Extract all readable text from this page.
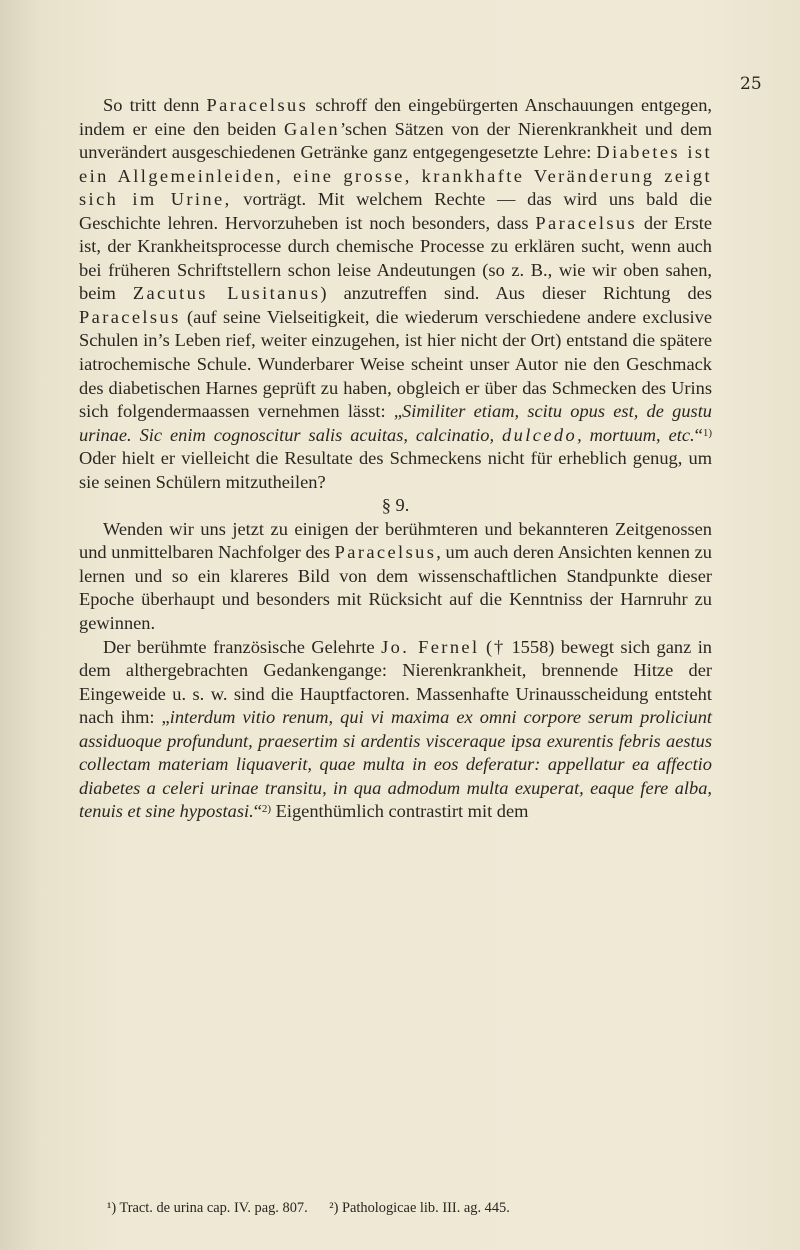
25

So tritt denn Paracelsus schroff den eingebürgerten Anschauungen entgegen, indem er eine den beiden Galen’schen Sätzen von der Nierenkrankheit und dem unverändert ausgeschiedenen Getränke ganz entgegengesetzte Lehre: Diabetes ist ein Allgemeinleiden, eine grosse, krankhafte Veränderung zeigt sich im Urine, vorträgt. Mit welchem Rechte — das wird uns bald die Geschichte lehren. Hervorzuheben ist noch besonders, dass Paracelsus der Erste ist, der Krankheitsprocesse durch chemische Processe zu erklären sucht, wenn auch bei früheren Schriftstellern schon leise Andeutungen (so z. B., wie wir oben sahen, beim Zacutus Lusitanus) anzutreffen sind. Aus dieser Richtung des Paracelsus (auf seine Vielseitigkeit, die wiederum verschiedene andere exclusive Schulen in’s Leben rief, weiter einzugehen, ist hier nicht der Ort) entstand die spätere iatrochemische Schule. Wunderbarer Weise scheint unser Autor nie den Geschmack des diabetischen Harnes geprüft zu haben, obgleich er über das Schmecken des Urins sich folgendermaassen vernehmen lässt: „Similiter etiam, scitu opus est, de gustu urinae. Sic enim cognoscitur salis acuitas, calcinatio, dulcedo, mortuum, etc.“$^{1)}$ Oder hielt er vielleicht die Resultate des Schmeckens nicht für erheblich genug, um sie seinen Schülern mitzutheilen?

§ 9.

Wenden wir uns jetzt zu einigen der berühmteren und bekannteren Zeitgenossen und unmittelbaren Nachfolger des Paracelsus, um auch deren Ansichten kennen zu lernen und so ein klareres Bild von dem wissenschaftlichen Standpunkte dieser Epoche überhaupt und besonders mit Rücksicht auf die Kenntniss der Harnruhr zu gewinnen.

Der berühmte französische Gelehrte Jo. Fernel († 1558) bewegt sich ganz in dem althergebrachten Gedankengange: Nierenkrankheit, brennende Hitze der Eingeweide u. s. w. sind die Hauptfactoren. Massenhafte Urinausscheidung entsteht nach ihm: „interdum vitio renum, qui vi maxima ex omni corpore serum proliciunt assiduoque profundunt, praesertim si ardentis visceraque ipsa exurentis febris aestus collectam materiam liquaverit, quae multa in eos deferatur: appellatur ea affectio diabetes a celeri urinae transitu, in qua admodum multa exuperat, eaque fere alba, tenuis et sine hypostasi.“$^{2)}$ Eigenthümlich contrastirt mit dem

¹) Tract. de urina cap. IV. pag. 807. ²) Pathologicae lib. III. ag. 445.
